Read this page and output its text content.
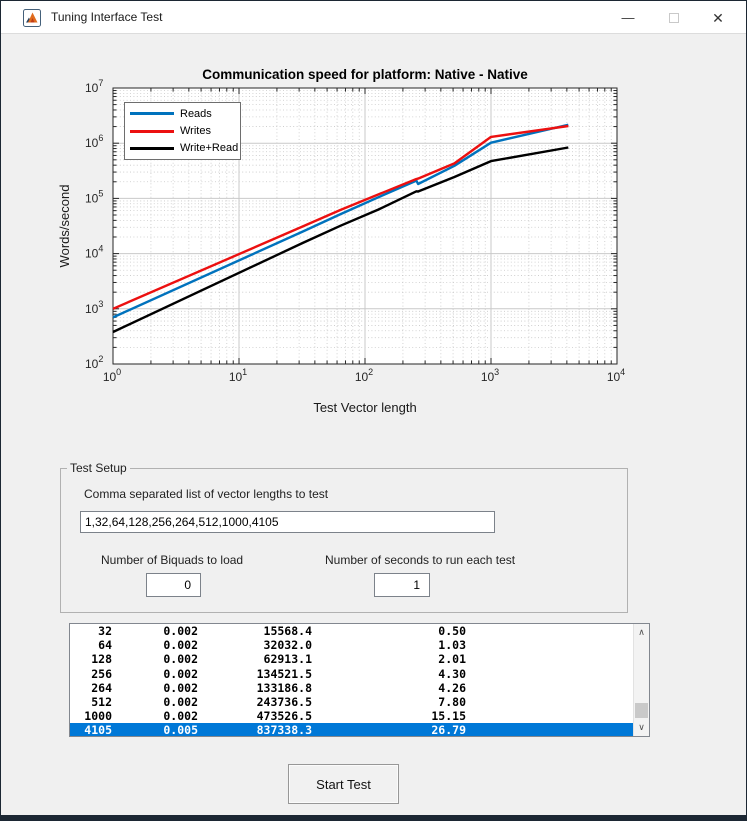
Tuning Interface Test	—	✕
$10^0$	$10^1$	$10^2$	$10^3$	$10^4$
$10^2$
$10^3$
$10^4$
$10^5$
$10^6$
$10^7$
Communication speed for platform: Native - Native
Test Vector length
Words/second
Reads
Writes
Write+Read
Test Setup
Comma separated list of vector lengths to test
1,32,64,128,256,264,512,1000,4105
Number of Biquads to load
0	Number of seconds to run each test
1
32	0.002	15568.4	0.50
64	0.002	32032.0	1.03
128	0.002	62913.1	2.01
256	0.002	134521.5	4.30
264	0.002	133186.8	4.26
512	0.002	243736.5	7.80
1000	0.002	473526.5	15.15
4105	0.005	837338.3	26.79
∧
∨
Start Test
